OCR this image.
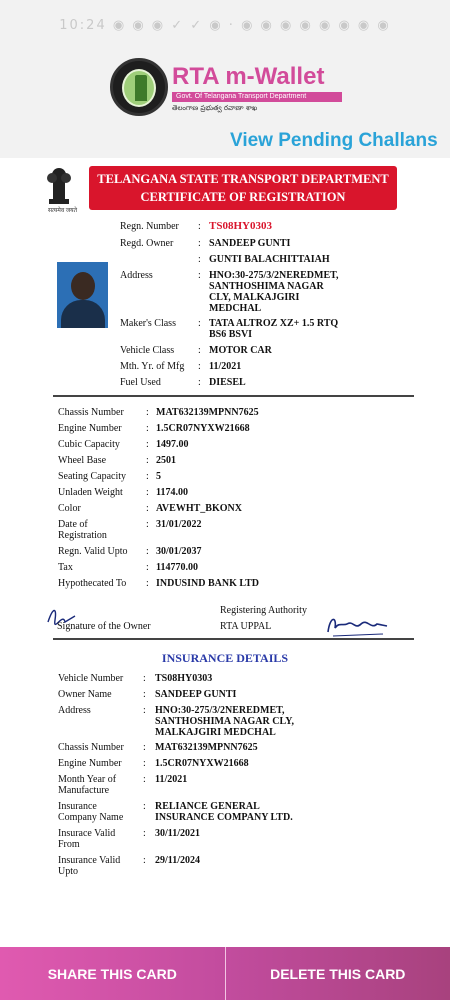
10:24 ◉ ◉ ◉ ✓ ✓ ◉ · ◉ ◉ ◉ ◉ ◉ ◉ ◉ ◉
RTA m-Wallet
Govt. Of Telangana Transport Department
తెలంగాణ ప్రభుత్వ రవాణా శాఖ
View Pending Challans
सत्यमेव जयते
TELANGANA STATE TRANSPORT DEPARTMENT
CERTIFICATE OF REGISTRATION
Regn. Number : TS08HY0303
Regd. Owner : SANDEEP GUNTI
: GUNTI BALACHITTAIAH
Address	: HNO:30-275/3/2NEREDMET,
SANTHOSHIMA NAGAR
CLY, MALKAJGIRI
MEDCHAL
Maker's Class : TATA ALTROZ XZ+ 1.5 RTQ
BS6 BSVI
Vehicle Class : MOTOR CAR
Mth. Yr. of Mfg : 11/2021
Fuel Used	: DIESEL
Chassis Number : MAT632139MPNN7625
Engine Number : 1.5CR07NYXW21668
Cubic Capacity	: 1497.00
Wheel Base	: 2501
Seating Capacity : 5
Unladen Weight : 1174.00
Color	: AVEWHT_BKONX
Date of
Registration
: 31/01/2022
Regn. Valid Upto : 30/01/2037
Tax	: 114770.00
Hypothecated To : INDUSIND BANK LTD
Signature of the Owner
Registering Authority
RTA UPPAL
INSURANCE DETAILS
Vehicle Number : TS08HY0303
Owner Name	: SANDEEP GUNTI
Address	: HNO:30-275/3/2NEREDMET,
SANTHOSHIMA NAGAR CLY,
MALKAJGIRI MEDCHAL
Chassis Number : MAT632139MPNN7625
Engine Number : 1.5CR07NYXW21668
Month Year of
Manufacture
: 11/2021
Insurance
Company Name
: RELIANCE GENERAL
INSURANCE COMPANY LTD.
Insurace Valid
From
: 30/11/2021
Insurance Valid
Upto
: 29/11/2024
SHARE THIS CARD	DELETE THIS CARD
